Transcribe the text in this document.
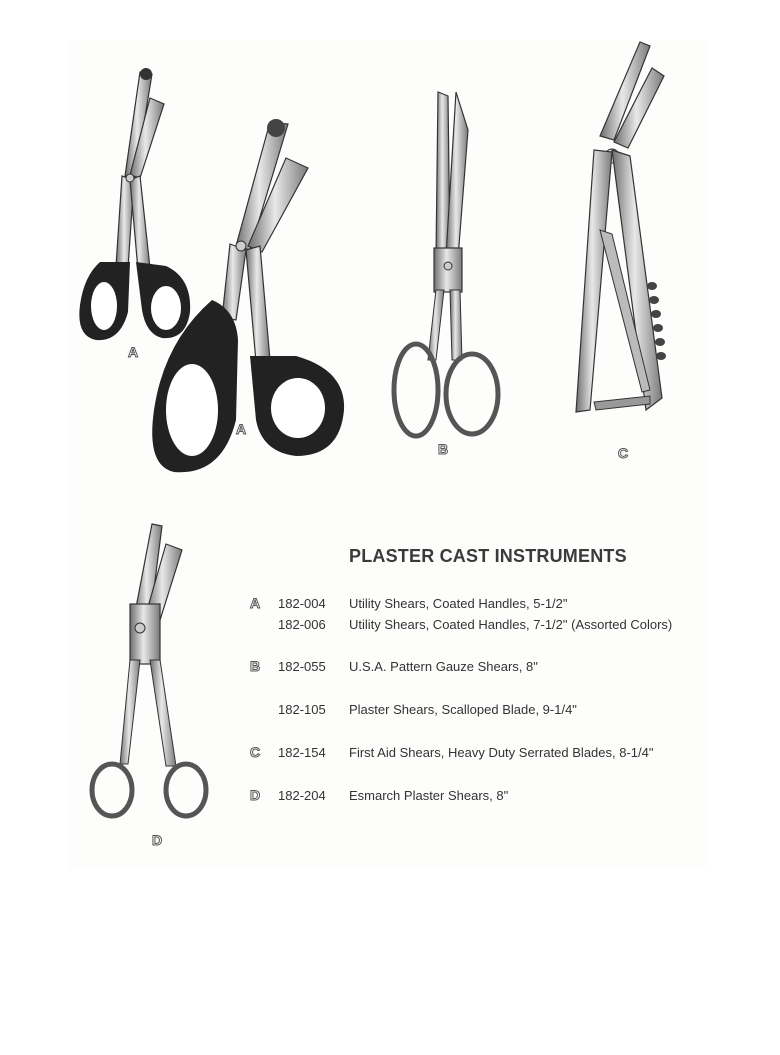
A
A
B	C
D
PLASTER CAST INSTRUMENTS
A	182-004 Utility Shears, Coated Handles, 5-1/2"
182-006 Utility Shears, Coated Handles, 7-1/2" (Assorted Colors)
B	182-055 U.S.A. Pattern Gauze Shears, 8"
182-105 Plaster Shears, Scalloped Blade, 9-1/4"
C	182-154 First Aid Shears, Heavy Duty Serrated Blades, 8-1/4"
D	182-204 Esmarch Plaster Shears, 8"
